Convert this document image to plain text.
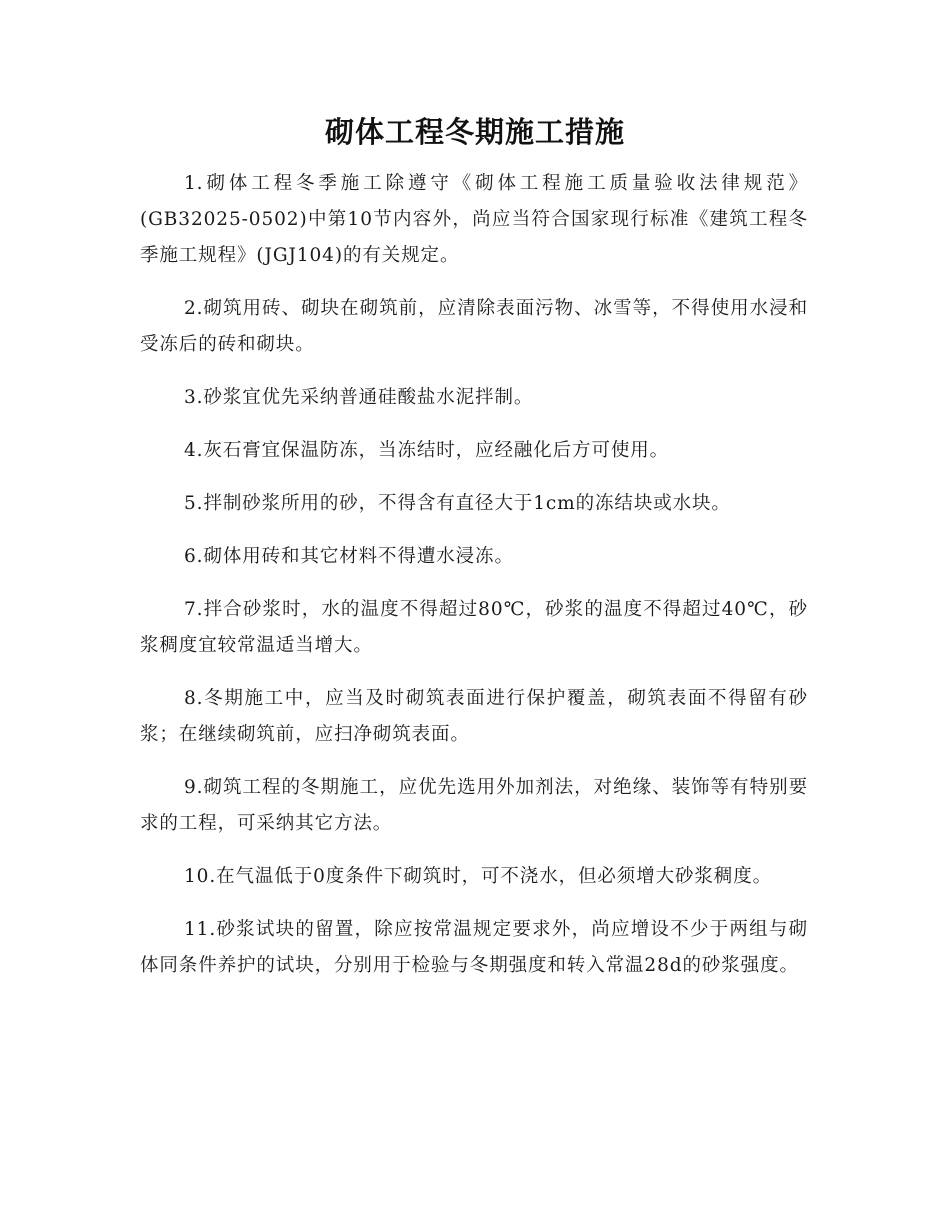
砌体工程冬期施工措施

1.砌体工程冬季施工除遵守《砌体工程施工质量验收法律规范》(GB32025-0502)中第10节内容外，尚应当符合国家现行标准《建筑工程冬季施工规程》(JGJ104)的有关规定。

2.砌筑用砖、砌块在砌筑前，应清除表面污物、冰雪等，不得使用水浸和受冻后的砖和砌块。

3.砂浆宜优先采纳普通硅酸盐水泥拌制。

4.灰石膏宜保温防冻，当冻结时，应经融化后方可使用。

5.拌制砂浆所用的砂，不得含有直径大于1cm的冻结块或水块。

6.砌体用砖和其它材料不得遭水浸冻。

7.拌合砂浆时，水的温度不得超过80℃，砂浆的温度不得超过40℃，砂浆稠度宜较常温适当增大。

8.冬期施工中，应当及时砌筑表面进行保护覆盖，砌筑表面不得留有砂浆；在继续砌筑前，应扫净砌筑表面。

9.砌筑工程的冬期施工，应优先选用外加剂法，对绝缘、装饰等有特别要求的工程，可采纳其它方法。

10.在气温低于0度条件下砌筑时，可不浇水，但必须增大砂浆稠度。

11.砂浆试块的留置，除应按常温规定要求外，尚应增设不少于两组与砌体同条件养护的试块，分别用于检验与冬期强度和转入常温28d的砂浆强度。
